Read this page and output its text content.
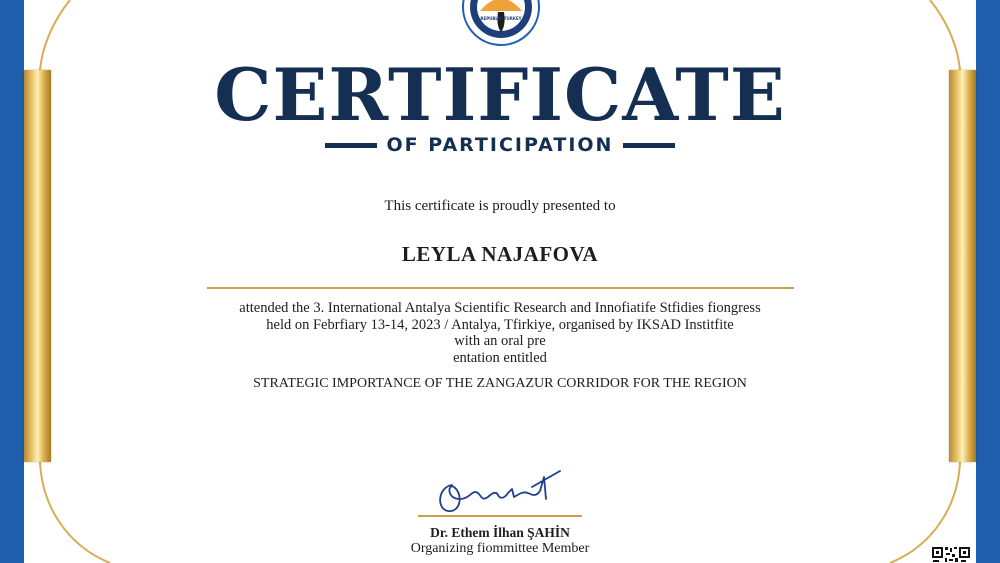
REPUBLIC TURKEY
CERTIFICATE
OF PARTICIPATION
This certificate is proudly presented to
LEYLA NAJAFOVA
attended the 3. International Antalya Scientific Research and Innofiatife Stfidies fiongress
held on Febrfiary 13-14, 2023 / Antalya, Tfirkiye, organised by IKSAD Institfite
with an oral pre
entation entitled
STRATEGIC IMPORTANCE OF THE ZANGAZUR CORRIDOR FOR THE REGION
Dr. Ethem İlhan ŞAHİN
Organizing fiommittee Member
